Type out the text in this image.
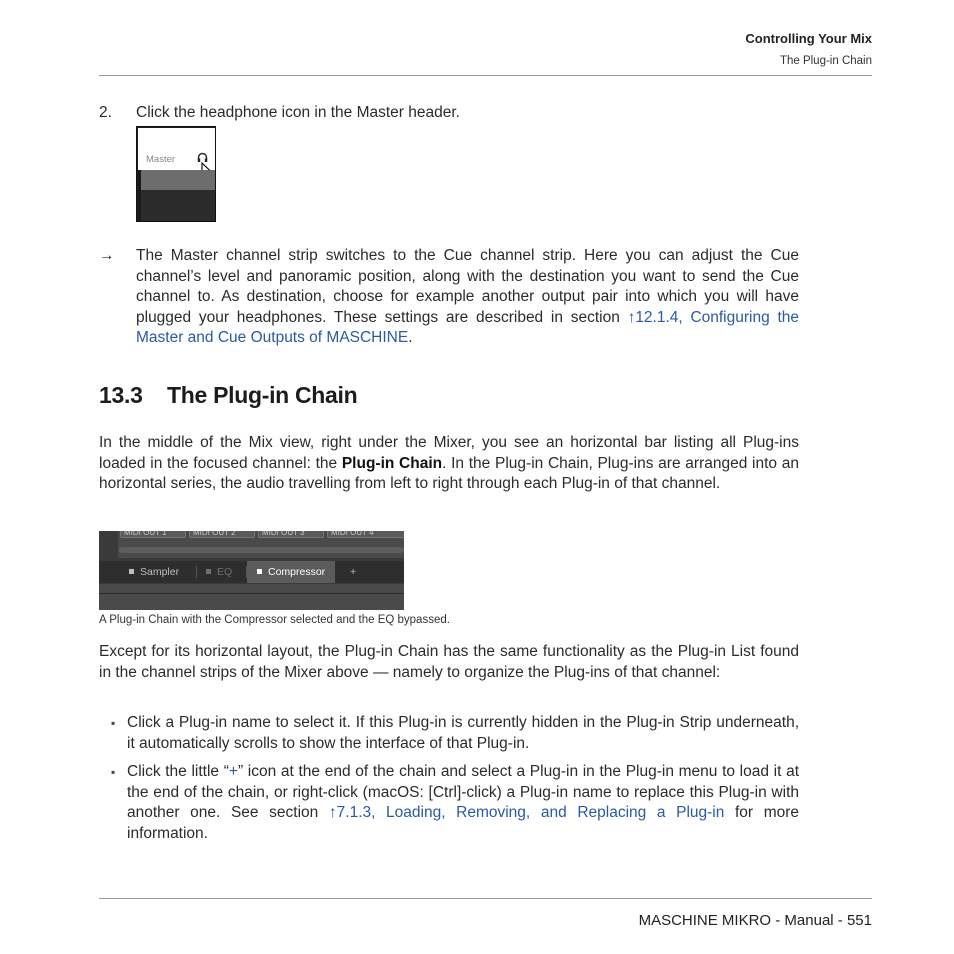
Controlling Your Mix
The Plug-in Chain
2. Click the headphone icon in the Master header.
Master
→ The Master channel strip switches to the Cue channel strip. Here you can adjust the Cue channel’s level and panoramic position, along with the destination you want to send the Cue channel to. As destination, choose for example another output pair into which you will have plugged your headphones. These settings are described in section ↑12.1.4, Configuring the Master and Cue Outputs of MASCHINE.
13.3 The Plug-in Chain
In the middle of the Mix view, right under the Mixer, you see an horizontal bar listing all Plug-ins loaded in the focused channel: the Plug-in Chain. In the Plug-in Chain, Plug-ins are arranged into an horizontal series, the audio travelling from left to right through each Plug-in of that channel.
MIDI OUT 1	MIDI OUT 2	MIDI OUT 3	MIDI OUT 4
Sampler	EQ	Compressor	+
A Plug-in Chain with the Compressor selected and the EQ bypassed.
Except for its horizontal layout, the Plug-in Chain has the same functionality as the Plug-in List found in the channel strips of the Mixer above — namely to organize the Plug-ins of that channel:
▪ Click a Plug-in name to select it. If this Plug-in is currently hidden in the Plug-in Strip underneath, it automatically scrolls to show the interface of that Plug-in.
▪ Click the little “+” icon at the end of the chain and select a Plug-in in the Plug-in menu to load it at the end of the chain, or right-click (macOS: [Ctrl]-click) a Plug-in name to replace this Plug-in with another one. See section ↑7.1.3, Loading, Removing, and Replacing a Plug-in for more information.
MASCHINE MIKRO - Manual - 551
